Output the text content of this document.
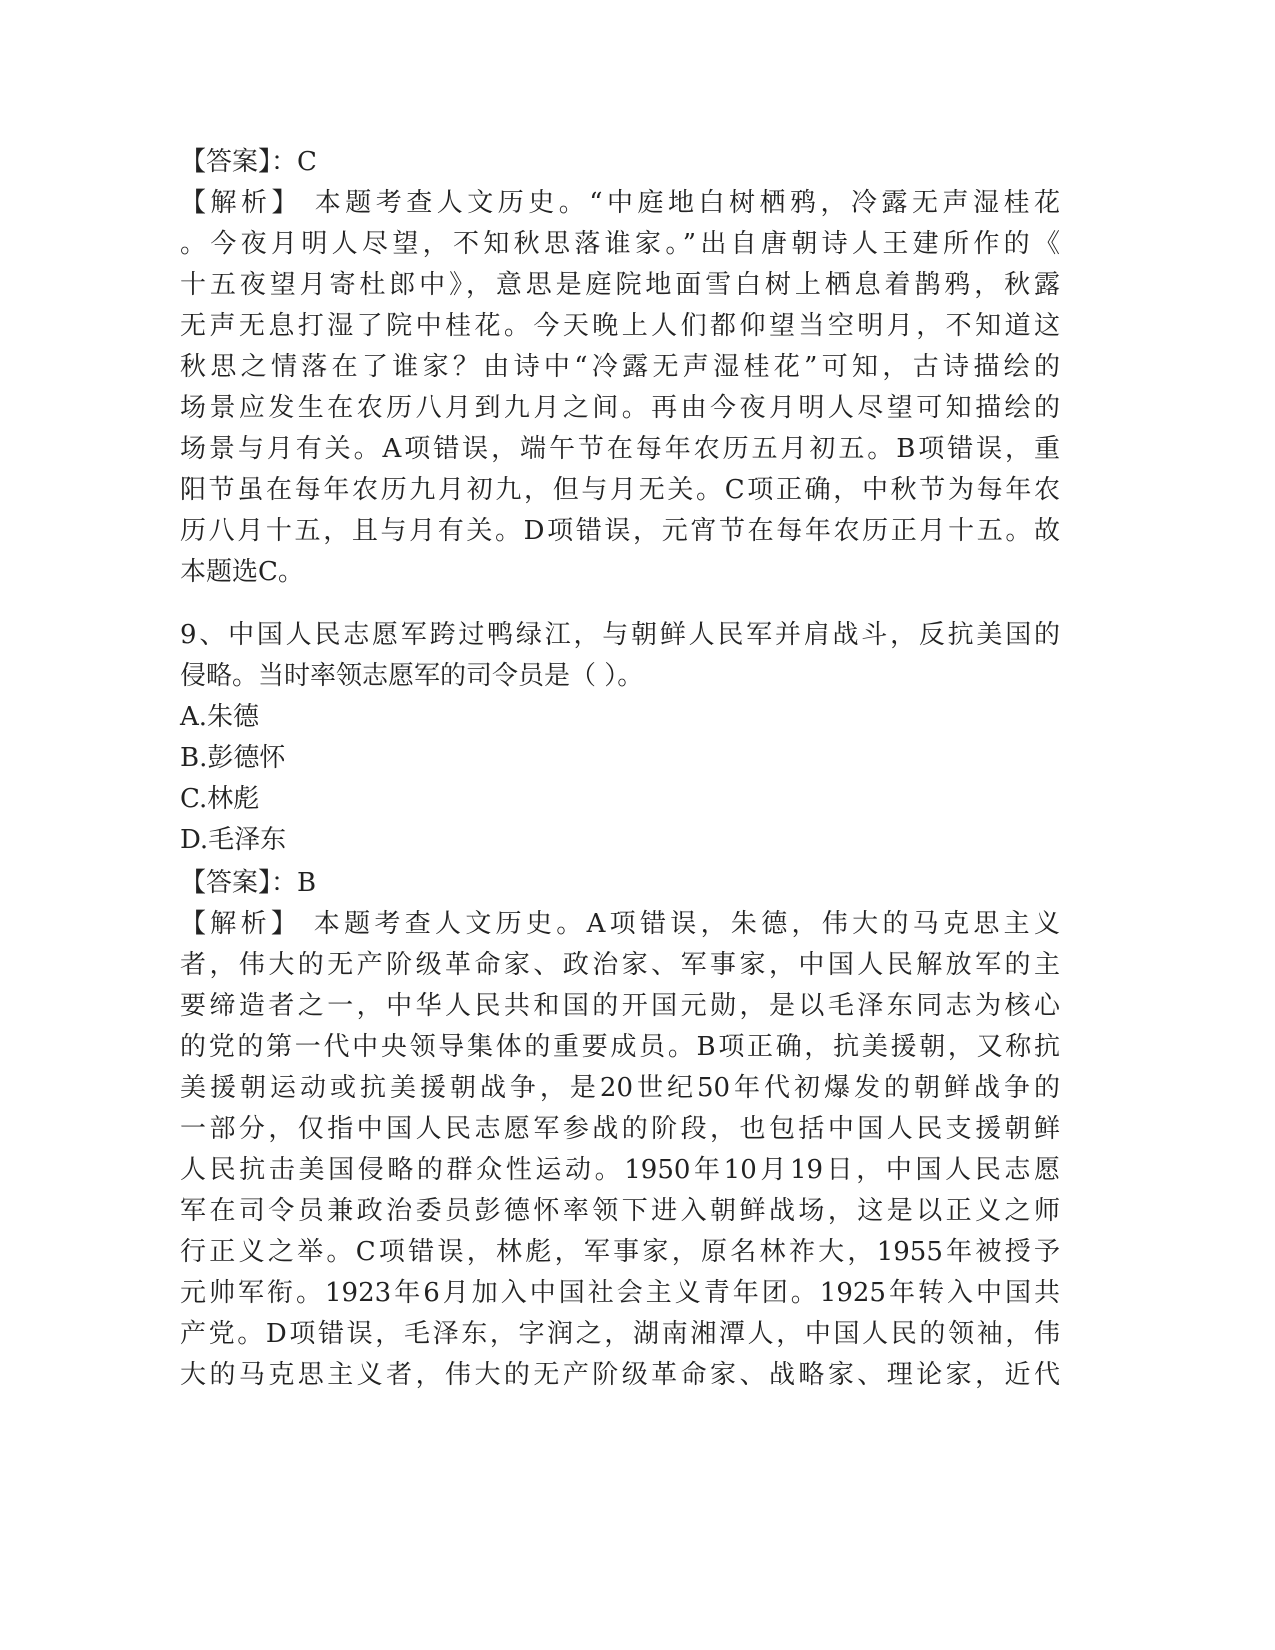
【答案】：C
【解析】 本题考查人文历史。“中庭地白树栖鸦，冷露无声湿桂花
。今夜月明人尽望，不知秋思落谁家。”出自唐朝诗人王建所作的《
十五夜望月寄杜郎中》，意思是庭院地面雪白树上栖息着鹊鸦，秋露
无声无息打湿了院中桂花。今天晚上人们都仰望当空明月，不知道这
秋思之情落在了谁家？由诗中“冷露无声湿桂花”可知，古诗描绘的
场景应发生在农历八月到九月之间。再由今夜月明人尽望可知描绘的
场景与月有关。A项错误，端午节在每年农历五月初五。B项错误，重
阳节虽在每年农历九月初九，但与月无关。C项正确，中秋节为每年农
历八月十五，且与月有关。D项错误，元宵节在每年农历正月十五。故
本题选C。
9、中国人民志愿军跨过鸭绿江，与朝鲜人民军并肩战斗，反抗美国的
侵略。当时率领志愿军的司令员是（ ）。
A.朱德
B.彭德怀
C.林彪
D.毛泽东
【答案】：B
【解析】 本题考查人文历史。A项错误，朱德，伟大的马克思主义
者，伟大的无产阶级革命家、政治家、军事家，中国人民解放军的主
要缔造者之一，中华人民共和国的开国元勋，是以毛泽东同志为核心
的党的第一代中央领导集体的重要成员。B项正确，抗美援朝，又称抗
美援朝运动或抗美援朝战争，是20世纪50年代初爆发的朝鲜战争的
一部分，仅指中国人民志愿军参战的阶段，也包括中国人民支援朝鲜
人民抗击美国侵略的群众性运动。1950年10月19日，中国人民志愿
军在司令员兼政治委员彭德怀率领下进入朝鲜战场，这是以正义之师
行正义之举。C项错误，林彪，军事家，原名林祚大，1955年被授予
元帅军衔。1923年6月加入中国社会主义青年团。1925年转入中国共
产党。D项错误，毛泽东，字润之，湖南湘潭人，中国人民的领袖，伟
大的马克思主义者，伟大的无产阶级革命家、战略家、理论家，近代
